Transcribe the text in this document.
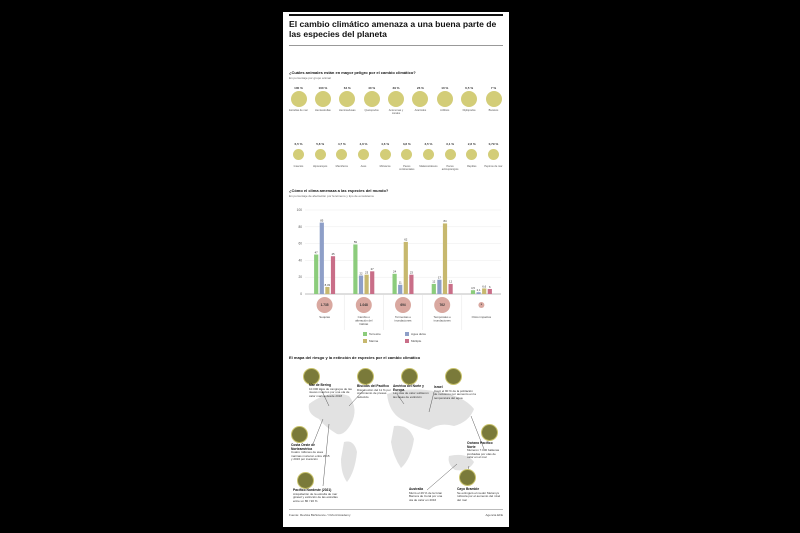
El cambio climático amenaza a una buena parte de las especies del planeta
¿Cuáles animales están en mayor peligro por el cambio climático?
En porcentaje por grupo animal
100 %
Estrellas de mar
100 %
Hemiestrellas
64 %
Hemimedusas
40 %
Quetopodos
39 %
Anémonas y corales
26 %
Arácnidos
10 %
Anfibios
6,5 %
Diplópodos
7 %
Bivalvos
6,5 %
Insectos
5,8 %
Hipocampos
4,7 %
Mamíferos
4,6 %
Aves
4,6 %
Moluscos
3,8 %
Peces continentales
3,5 %
Malacostráceos
3,1 %
Peces actinopterigios
2,8 %
Reptiles
0,79 %
Pepinos de mar
¿Cómo el clima amenaza a las especies del mundo?
En porcentaje de afectación por fenómeno y tipo de ecosistema
0
20
40
60
80
100
47
85
8,33
45
1.735
Sequías
59
22 23
27
1.048
Cambio o
alteración del
hábitat
24
11
62
23
694
Tormentas e
inundaciones
12
17
84
12
762
Temporales e
inundaciones
4,5
2,1
6,6 6
*
Otros impactos
Terrestre	Agua dulce
Marina	Múltiple
El mapa del riesgo y la extinción de especies por el cambio climático
Mar de Bering
10.000 kilos de cangrejos de las nieves muertos por una ola de calor marina desde 2018
Biscobs del Pacífico
Disminución del 11 % por crecimiento de presas reducido
América del Norte y Europa
Las olas de calor sublieron las tasas de extinción
Israel
Cayó el 90 % de la población de moluscos por aumento en la temperatura del agua
Costa Oeste de Norteamérica
Cuatro millones de aves marinas murieron entre 2015 y 2016 por inanición
Océano Pacífico Norte
Murieron 7.000 ballenas jorobadas por olas de calor en el mar
Pacífico Nordeste (2021)
Aniquilación de la estrella de mar girasol y extinción de las estrellas entre un 80 / 90 %
Australia
Murió el 29 % de la Gran Barrera de Coral por una ola de calor en 2016
Cayo Bramble
Se extinguió el roedor Melomys rubicola por el aumento del nivel del mar
Fuente: Revista BioScience / Oxford Academy	Agencia EFE
